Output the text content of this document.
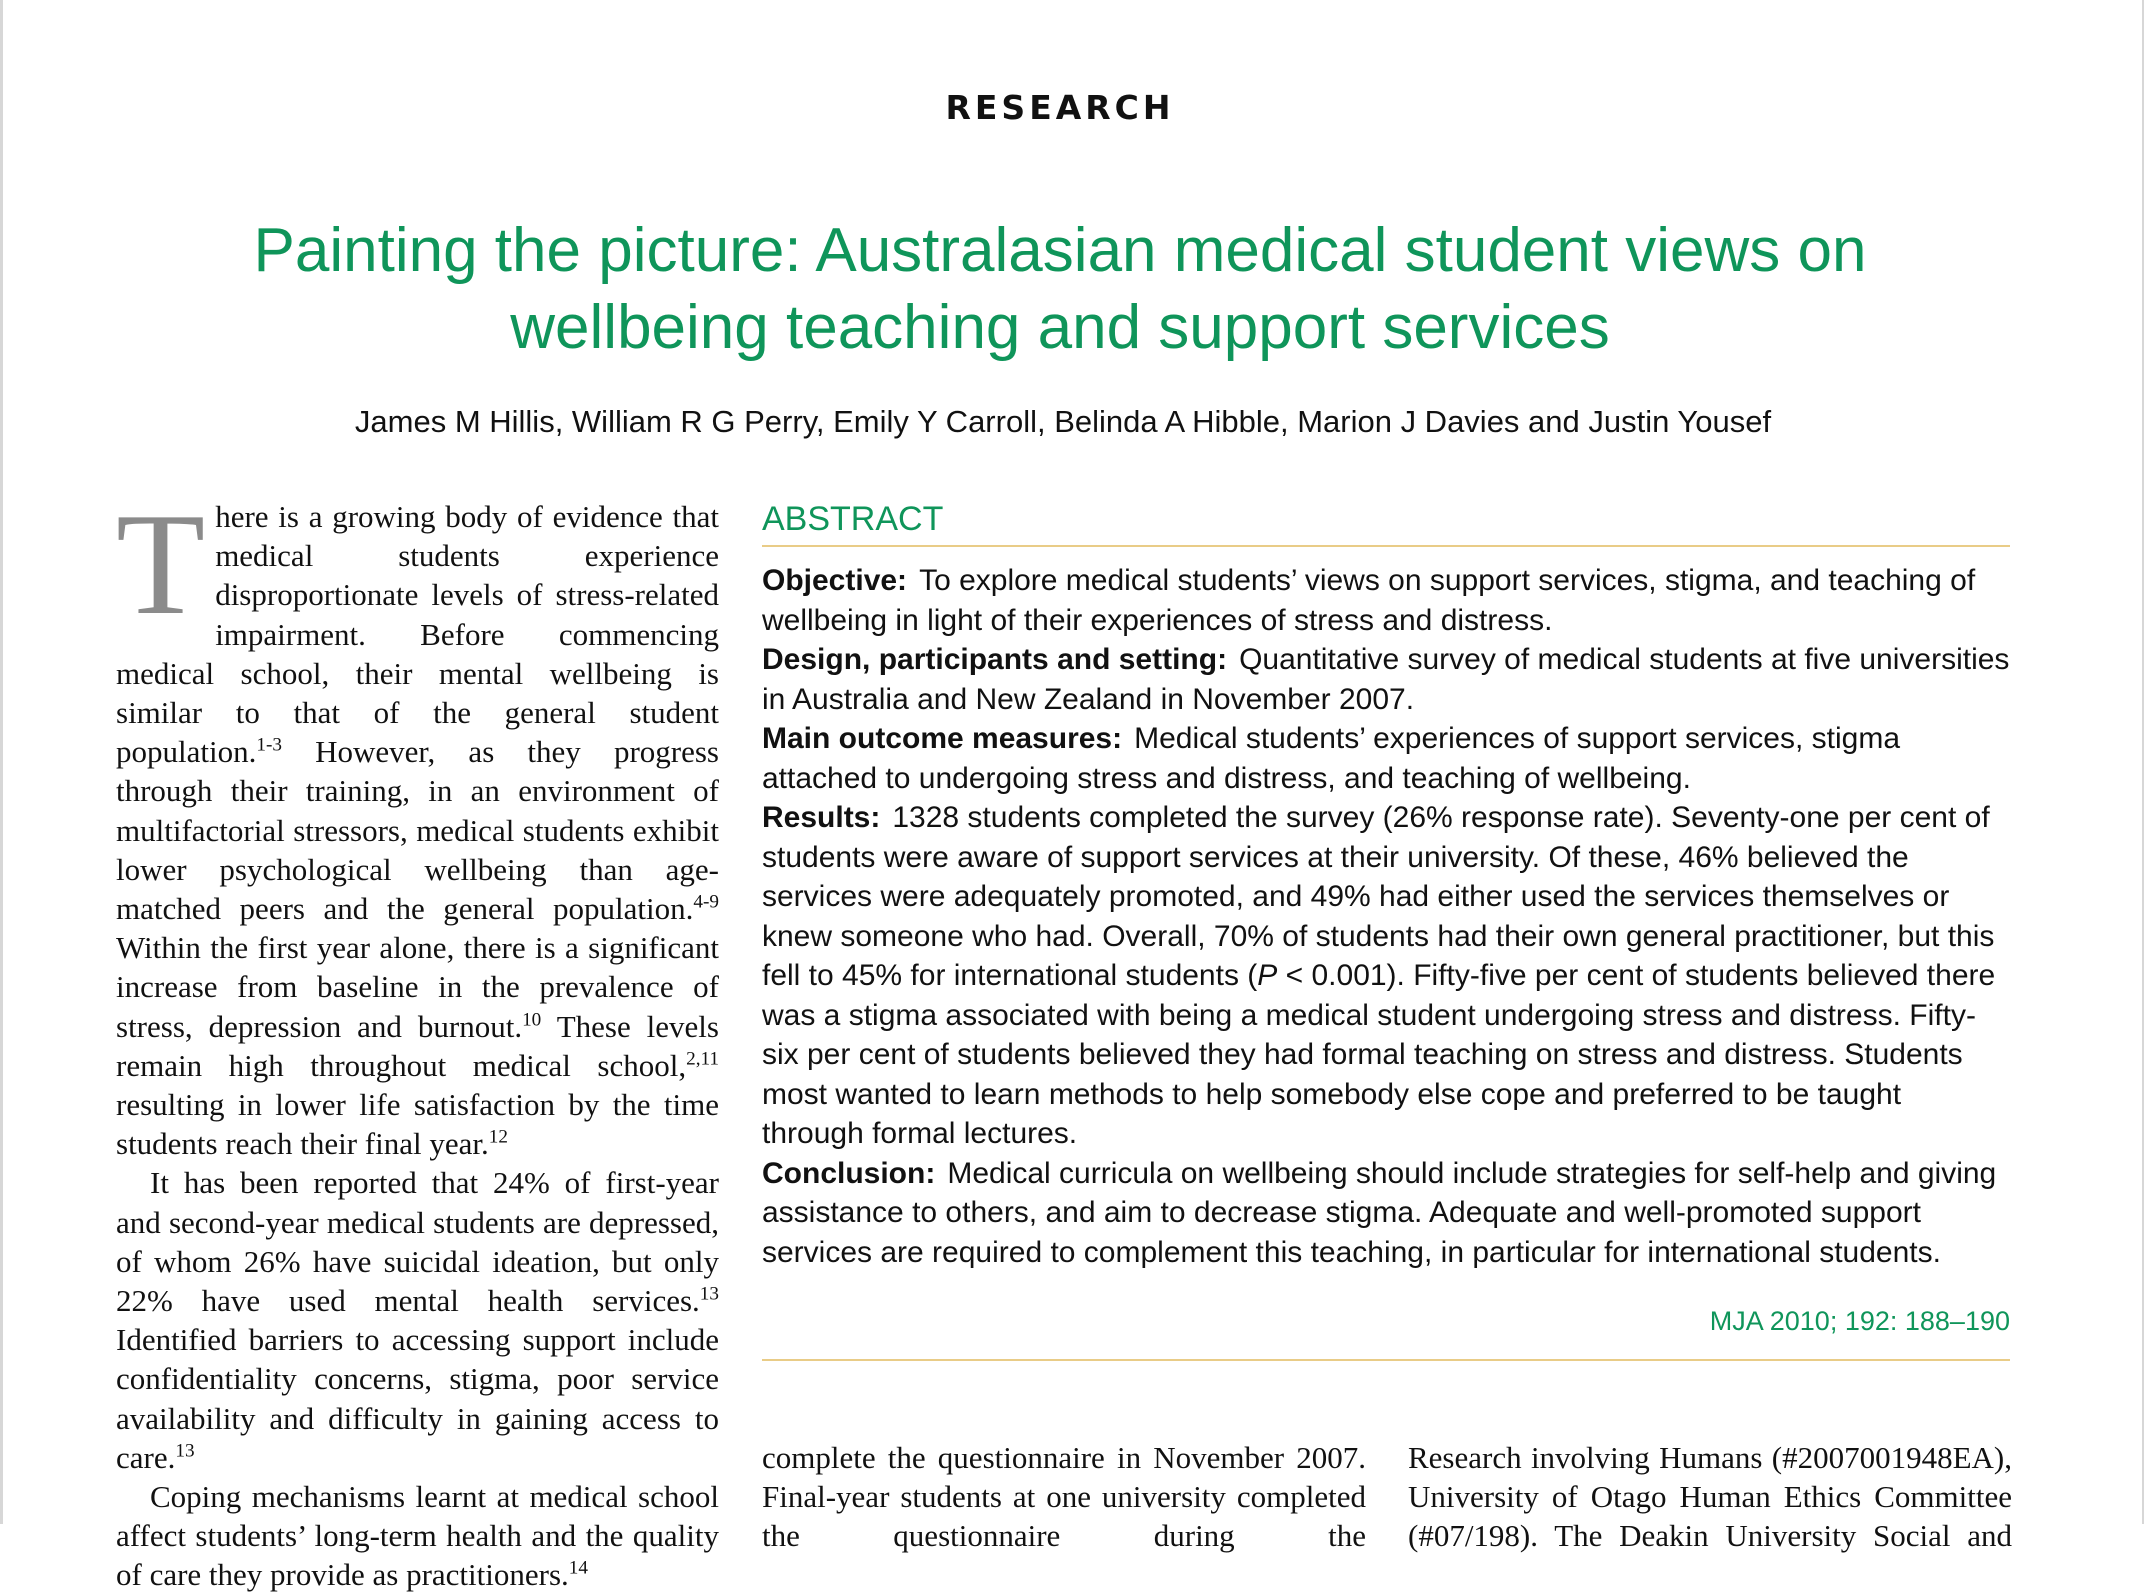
RESEARCH
Painting the picture: Australasian medical student views on wellbeing teaching and support services
James M Hillis, William R G Perry, Emily Y Carroll, Belinda A Hibble, Marion J Davies and Justin Yousef

There is a growing body of evidence that medical students experience disproportionate levels of stress-related impairment. Before commencing medical school, their mental wellbeing is similar to that of the general student population.$^{1-3}$ However, as they progress through their training, in an environment of multifactorial stressors, medical students exhibit lower psychological wellbeing than age-matched peers and the general population.$^{4-9}$ Within the first year alone, there is a significant increase from baseline in the prevalence of stress, depression and burnout.$^{10}$ These levels remain high throughout medical school,$^{2,11}$ resulting in lower life satisfaction by the time students reach their final year.$^{12}$

It has been reported that 24% of first-year and second-year medical students are depressed, of whom 26% have suicidal ideation, but only 22% have used mental health services.$^{13}$ Identified barriers to accessing support include confidentiality concerns, stigma, poor service availability and difficulty in gaining access to care.$^{13}$

Coping mechanisms learnt at medical school affect students’ long-term health and the quality of care they provide as practitioners.$^{14}$

ABSTRACT

Objective: To explore medical students’ views on support services, stigma, and teaching of wellbeing in light of their experiences of stress and distress.

Design, participants and setting: Quantitative survey of medical students at five universities in Australia and New Zealand in November 2007.

Main outcome measures: Medical students’ experiences of support services, stigma attached to undergoing stress and distress, and teaching of wellbeing.

Results: 1328 students completed the survey (26% response rate). Seventy-one per cent of students were aware of support services at their university. Of these, 46% believed the services were adequately promoted, and 49% had either used the services themselves or knew someone who had. Overall, 70% of students had their own general practitioner, but this fell to 45% for international students (P < 0.001). Fifty-five per cent of students believed there was a stigma associated with being a medical student undergoing stress and distress. Fifty-six per cent of students believed they had formal teaching on stress and distress. Students most wanted to learn methods to help somebody else cope and preferred to be taught through formal lectures.

Conclusion: Medical curricula on wellbeing should include strategies for self-help and giving assistance to others, and aim to decrease stigma. Adequate and well-promoted support services are required to complement this teaching, in particular for international students.

MJA 2010; 192: 188–190

complete the questionnaire in November 2007. Final-year students at one university completed the questionnaire during the

Research involving Humans (#2007001948EA), University of Otago Human Ethics Committee (#07/198). The Deakin University Social and
